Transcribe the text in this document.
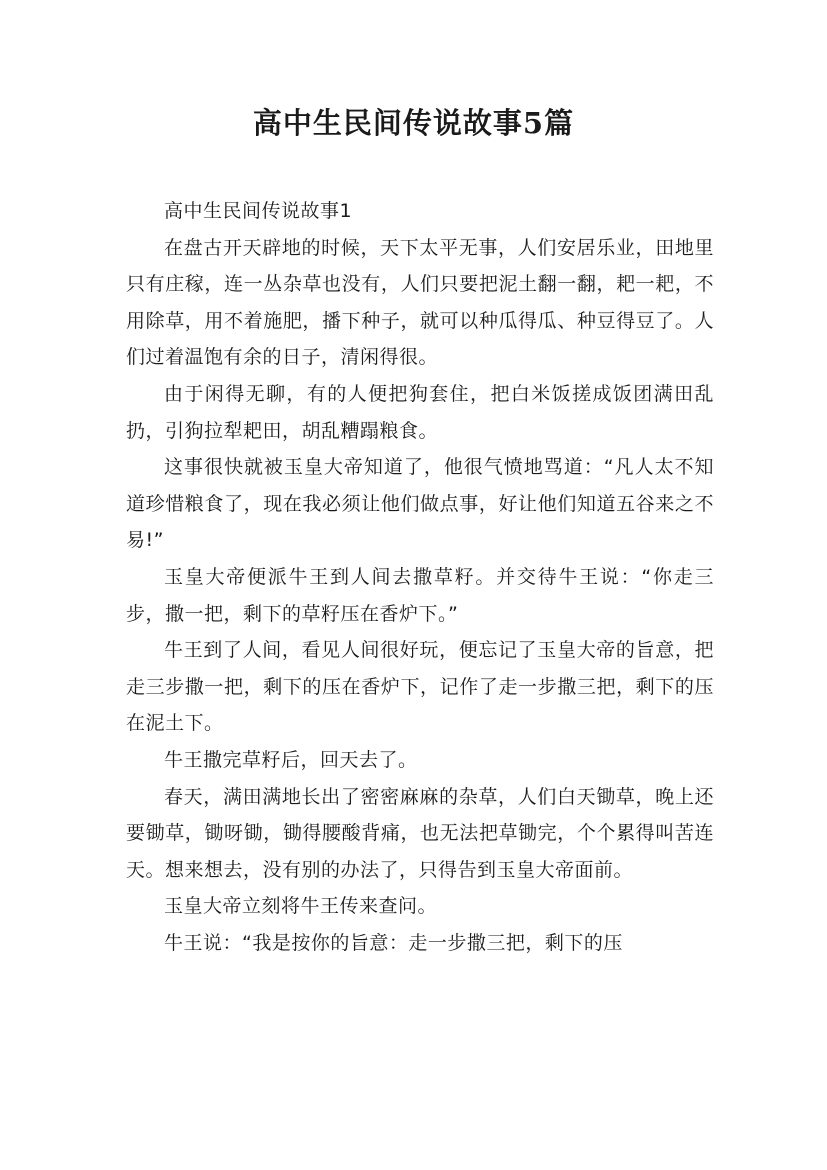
高中生民间传说故事5篇

高中生民间传说故事1

在盘古开天辟地的时候，天下太平无事，人们安居乐业，田地里只有庄稼，连一丛杂草也没有，人们只要把泥土翻一翻，耙一耙，不用除草，用不着施肥，播下种子，就可以种瓜得瓜、种豆得豆了。人们过着温饱有余的日子，清闲得很。

由于闲得无聊，有的人便把狗套住，把白米饭搓成饭团满田乱扔，引狗拉犁耙田，胡乱糟蹋粮食。

这事很快就被玉皇大帝知道了，他很气愤地骂道：“凡人太不知道珍惜粮食了，现在我必须让他们做点事，好让他们知道五谷来之不易!”

玉皇大帝便派牛王到人间去撒草籽。并交待牛王说：“你走三步，撒一把，剩下的草籽压在香炉下。”

牛王到了人间，看见人间很好玩，便忘记了玉皇大帝的旨意，把走三步撒一把，剩下的压在香炉下，记作了走一步撒三把，剩下的压在泥土下。

牛王撒完草籽后，回天去了。

春天，满田满地长出了密密麻麻的杂草，人们白天锄草，晚上还要锄草，锄呀锄，锄得腰酸背痛，也无法把草锄完，个个累得叫苦连天。想来想去，没有别的办法了，只得告到玉皇大帝面前。

玉皇大帝立刻将牛王传来查问。

牛王说：“我是按你的旨意：走一步撒三把，剩下的压
